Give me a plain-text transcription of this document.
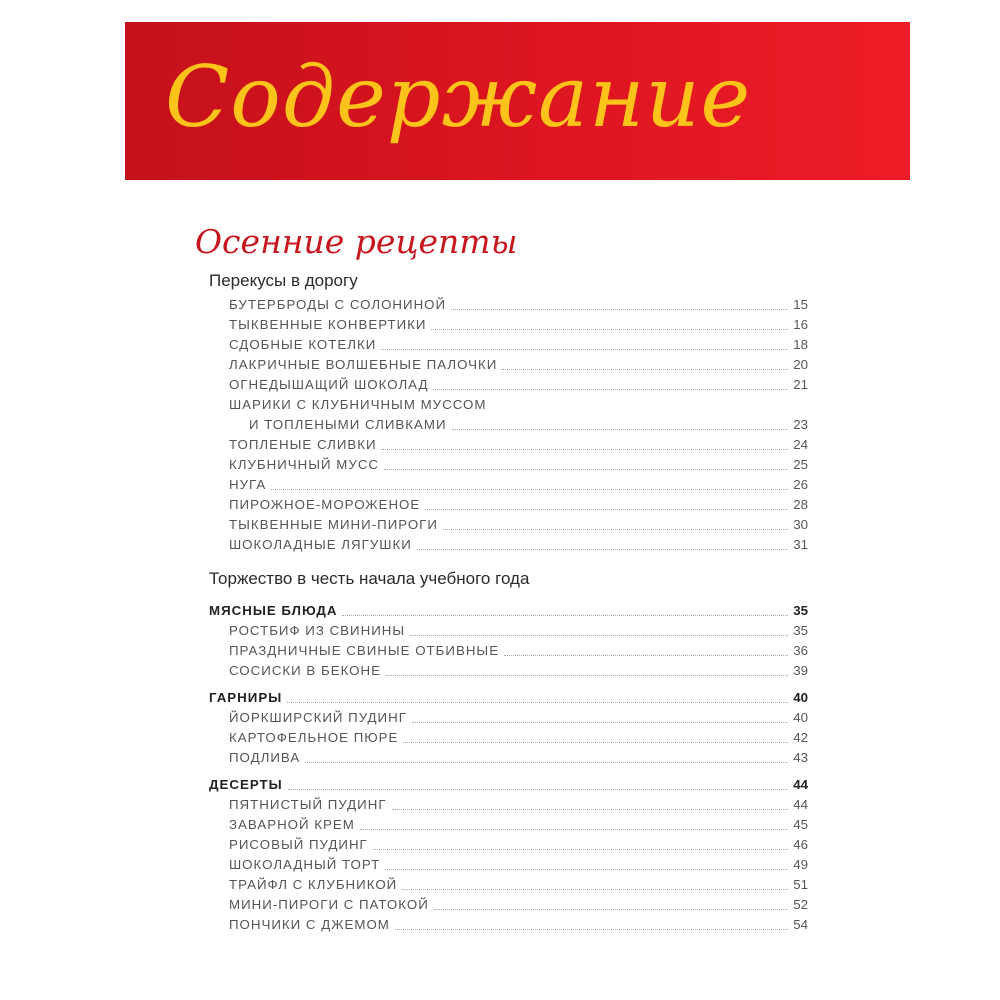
Содержание
Осенние рецепты
Перекусы в дорогу
БУТЕРБРОДЫ С СОЛОНИНОЙ	15
ТЫКВЕННЫЕ КОНВЕРТИКИ	16
СДОБНЫЕ КОТЕЛКИ	18
ЛАКРИЧНЫЕ ВОЛШЕБНЫЕ ПАЛОЧКИ	20
ОГНЕДЫШАЩИЙ ШОКОЛАД	21
ШАРИКИ С КЛУБНИЧНЫМ МУССОМ
И ТОПЛЕНЫМИ СЛИВКАМИ	23
ТОПЛЕНЫЕ СЛИВКИ	24
КЛУБНИЧНЫЙ МУСС	25
НУГА	26
ПИРОЖНОЕ-МОРОЖЕНОЕ	28
ТЫКВЕННЫЕ МИНИ-ПИРОГИ	30
ШОКОЛАДНЫЕ ЛЯГУШКИ	31
Торжество в честь начала учебного года
МЯСНЫЕ БЛЮДА	35
РОСТБИФ ИЗ СВИНИНЫ	35
ПРАЗДНИЧНЫЕ СВИНЫЕ ОТБИВНЫЕ	36
СОСИСКИ В БЕКОНЕ	39
ГАРНИРЫ	40
ЙОРКШИРСКИЙ ПУДИНГ	40
КАРТОФЕЛЬНОЕ ПЮРЕ	42
ПОДЛИВА	43
ДЕСЕРТЫ	44
ПЯТНИСТЫЙ ПУДИНГ	44
ЗАВАРНОЙ КРЕМ	45
РИСОВЫЙ ПУДИНГ	46
ШОКОЛАДНЫЙ ТОРТ	49
ТРАЙФЛ С КЛУБНИКОЙ	51
МИНИ-ПИРОГИ С ПАТОКОЙ	52
ПОНЧИКИ С ДЖЕМОМ	54
